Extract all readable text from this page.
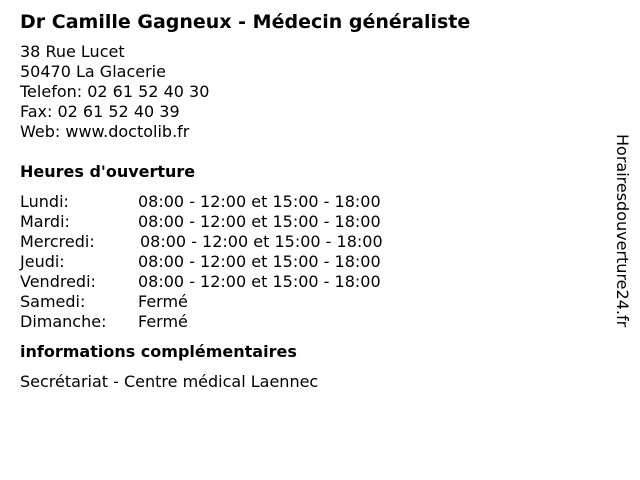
Dr Camille Gagneux - Médecin généraliste
38 Rue Lucet
50470 La Glacerie
Telefon: 02 61 52 40 30
Fax: 02 61 52 40 39
Web: www.doctolib.fr
Heures d'ouverture
Lundi:	08:00 - 12:00 et 15:00 - 18:00
Mardi:	08:00 - 12:00 et 15:00 - 18:00
Mercredi:	08:00 - 12:00 et 15:00 - 18:00
Jeudi:	08:00 - 12:00 et 15:00 - 18:00
Vendredi:	08:00 - 12:00 et 15:00 - 18:00
Samedi:	Fermé
Dimanche:	Fermé
informations complémentaires
Secrétariat - Centre médical Laennec
Horairesdouverture24.fr
